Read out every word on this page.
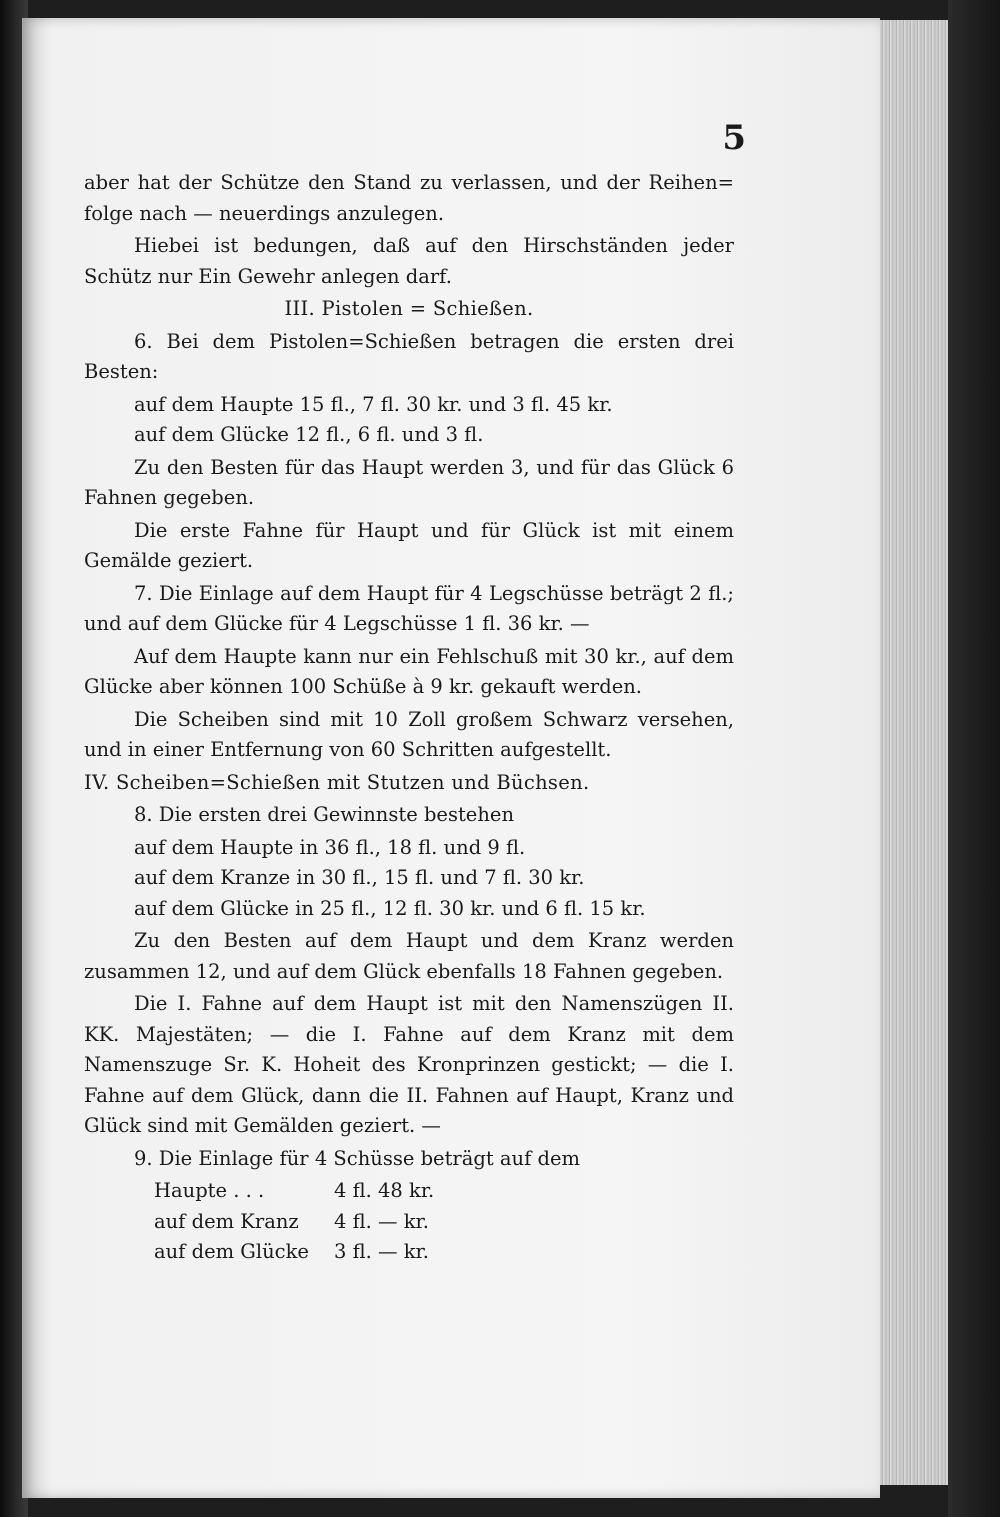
5

aber hat der Schütze den Stand zu verlassen, und der Reihen= folge nach — neuerdings anzulegen.

Hiebei ist bedungen, daß auf den Hirschständen jeder Schütz nur Ein Gewehr anlegen darf.

III. Pistolen = Schießen.

6. Bei dem Pistolen=Schießen betragen die ersten drei Besten:

auf dem Haupte 15 fl., 7 fl. 30 kr. und 3 fl. 45 kr.

auf dem Glücke 12 fl., 6 fl. und 3 fl.

Zu den Besten für das Haupt werden 3, und für das Glück 6 Fahnen gegeben.

Die erste Fahne für Haupt und für Glück ist mit einem Gemälde geziert.

7. Die Einlage auf dem Haupt für 4 Legschüsse beträgt 2 fl.; und auf dem Glücke für 4 Legschüsse 1 fl. 36 kr. —

Auf dem Haupte kann nur ein Fehlschuß mit 30 kr., auf dem Glücke aber können 100 Schüße à 9 kr. gekauft werden.

Die Scheiben sind mit 10 Zoll großem Schwarz versehen, und in einer Entfernung von 60 Schritten aufgestellt.

IV. Scheiben=Schießen mit Stutzen und Büchsen.

8. Die ersten drei Gewinnste bestehen

auf dem Haupte in 36 fl., 18 fl. und 9 fl.

auf dem Kranze in 30 fl., 15 fl. und 7 fl. 30 kr.

auf dem Glücke in 25 fl., 12 fl. 30 kr. und 6 fl. 15 kr.

Zu den Besten auf dem Haupt und dem Kranz werden zusammen 12, und auf dem Glück ebenfalls 18 Fahnen gegeben.

Die I. Fahne auf dem Haupt ist mit den Namenszügen II. KK. Majestäten; — die I. Fahne auf dem Kranz mit dem Namenszuge Sr. K. Hoheit des Kronprinzen gestickt; — die I. Fahne auf dem Glück, dann die II. Fahnen auf Haupt, Kranz und Glück sind mit Gemälden geziert. —

9. Die Einlage für 4 Schüsse beträgt auf dem

Haupte . . .	4 fl. 48 kr.

auf dem Kranz 4 fl. — kr.

auf dem Glücke 3 fl. — kr.
